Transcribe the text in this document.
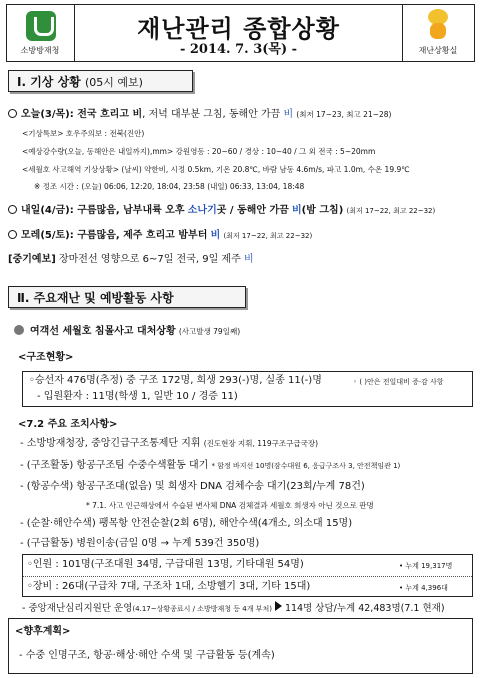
소방방재청
재난관리 종합상황
- 2014. 7. 3(목) -	재난상황실
Ⅰ. 기상 상황 (05시 예보)
오늘(3/목): 전국 흐리고 비, 저녁 대부분 그침, 동해안 가끔 비 (최저 17~23, 최고 21~28)
<기상특보> 호우주의보 : 전북(진안)
<예상강수량(오늘, 동해안은 내일까지),mm> 강원영동 : 20~60 / 경상 : 10~40 / 그 외 전국 : 5~20mm
<세월호 사고해역 기상상황> (날씨) 약한비, 시정 0.5km, 기온 20.8℃, 바람 남동 4.6m/s, 파고 1.0m, 수온 19.9℃
※ 정조 시간 : (오늘) 06:06, 12:20, 18:04, 23:58 (내일) 06:33, 13:04, 18:48
내일(4/금): 구름많음, 남부내륙 오후 소나기곳 / 동해안 가끔 비(밤 그침) (최저 17~22, 최고 22~32)
모레(5/토): 구름많음, 제주 흐리고 밤부터 비 (최저 17~22, 최고 22~32)
[중기예보] 장마전선 영향으로 6~7일 전국, 9일 제주 비
Ⅱ. 주요재난 및 예방활동 사항
여객선 세월호 침몰사고 대처상황 (사고발생 79일째)
<구조현황>
◦승선자 476명(추정) 중 구조 172명, 희생 293(-)명, 실종 11(-)명	◦ ( )안은 전일대비 증·감 사항
- 입원환자 : 11명(학생 1, 일반 10 / 경증 11)
<7.2 주요 조치사항>
- 소방방재청장, 중앙긴급구조통제단 지휘 (진도현장 지휘, 119구조구급국장)
- (구조활동) 항공구조팀 수중수색활동 대기 * 함정 바지선 10명(잠수대원 6, 응급구조사 3, 안전책임관 1)
- (항공수색) 항공구조대(없음) 및 희생자 DNA 검체수송 대기(23회/누계 78건)
* 7.1. 사고 인근해상에서 수습된 변사체 DNA 검체결과 세월호 희생자 아닌 것으로 판명
- (순찰·해안수색) 팽목항 안전순찰(2회 6명), 해안수색(4개소, 의소대 15명)
- (구급활동) 병원이송(금일 0명 → 누계 539건 350명)
◦인원 : 101명(구조대원 34명, 구급대원 13명, 기타대원 54명)	• 누계 19,317명
◦장비 : 26대(구급차 7대, 구조차 1대, 소방헬기 3대, 기타 15대)	• 누계 4,396대
- 중앙재난심리지원단 운영(4.17~상황종료시 / 소방방재청 등 4개 부처) 114명 상담/누계 42,483명(7.1 현재)
<향후계획>
- 수중 인명구조, 항공·해상·해안 수색 및 구급활동 등(계속)
